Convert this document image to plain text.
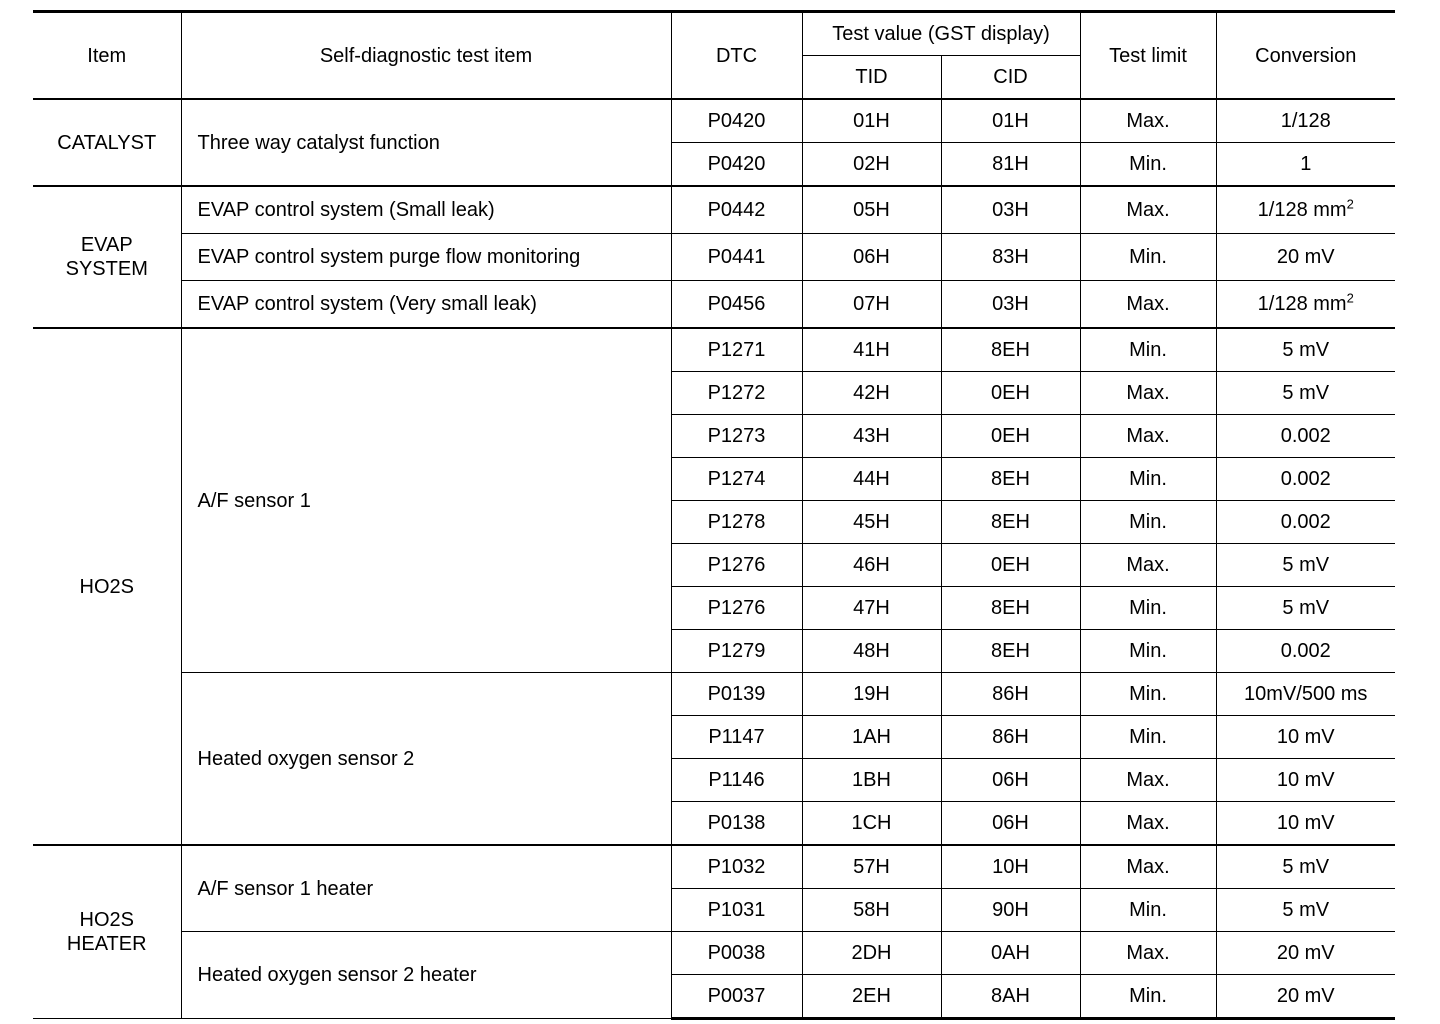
Item	Self-diagnostic test item	DTC	Test value (GST display)		Test limit	Conversion
			TID	CID		
CATALYST	Three way catalyst function	P0420	01H	01H	Max.	1/128
		P0420	02H	81H	Min.	1
EVAP
SYSTEM	EVAP control system (Small leak)	P0442	05H	03H	Max.	1/128 $mm^2$
	EVAP control system purge flow monitoring	P0441	06H	83H	Min.	20 mV
	EVAP control system (Very small leak)	P0456	07H	03H	Max.	1/128 $mm^2$
HO2S	A/F sensor 1	P1271	41H	8EH	Min.	5 mV
		P1272	42H	0EH	Max.	5 mV
		P1273	43H	0EH	Max.	0.002
		P1274	44H	8EH	Min.	0.002
		P1278	45H	8EH	Min.	0.002
		P1276	46H	0EH	Max.	5 mV
		P1276	47H	8EH	Min.	5 mV
		P1279	48H	8EH	Min.	0.002
	Heated oxygen sensor 2	P0139	19H	86H	Min.	10mV/500 ms
		P1147	1AH	86H	Min.	10 mV
		P1146	1BH	06H	Max.	10 mV
		P0138	1CH	06H	Max.	10 mV
HO2S
HEATER	A/F sensor 1 heater	P1032	57H	10H	Max.	5 mV
		P1031	58H	90H	Min.	5 mV
	Heated oxygen sensor 2 heater	P0038	2DH	0AH	Max.	20 mV
		P0037	2EH	8AH	Min.	20 mV
